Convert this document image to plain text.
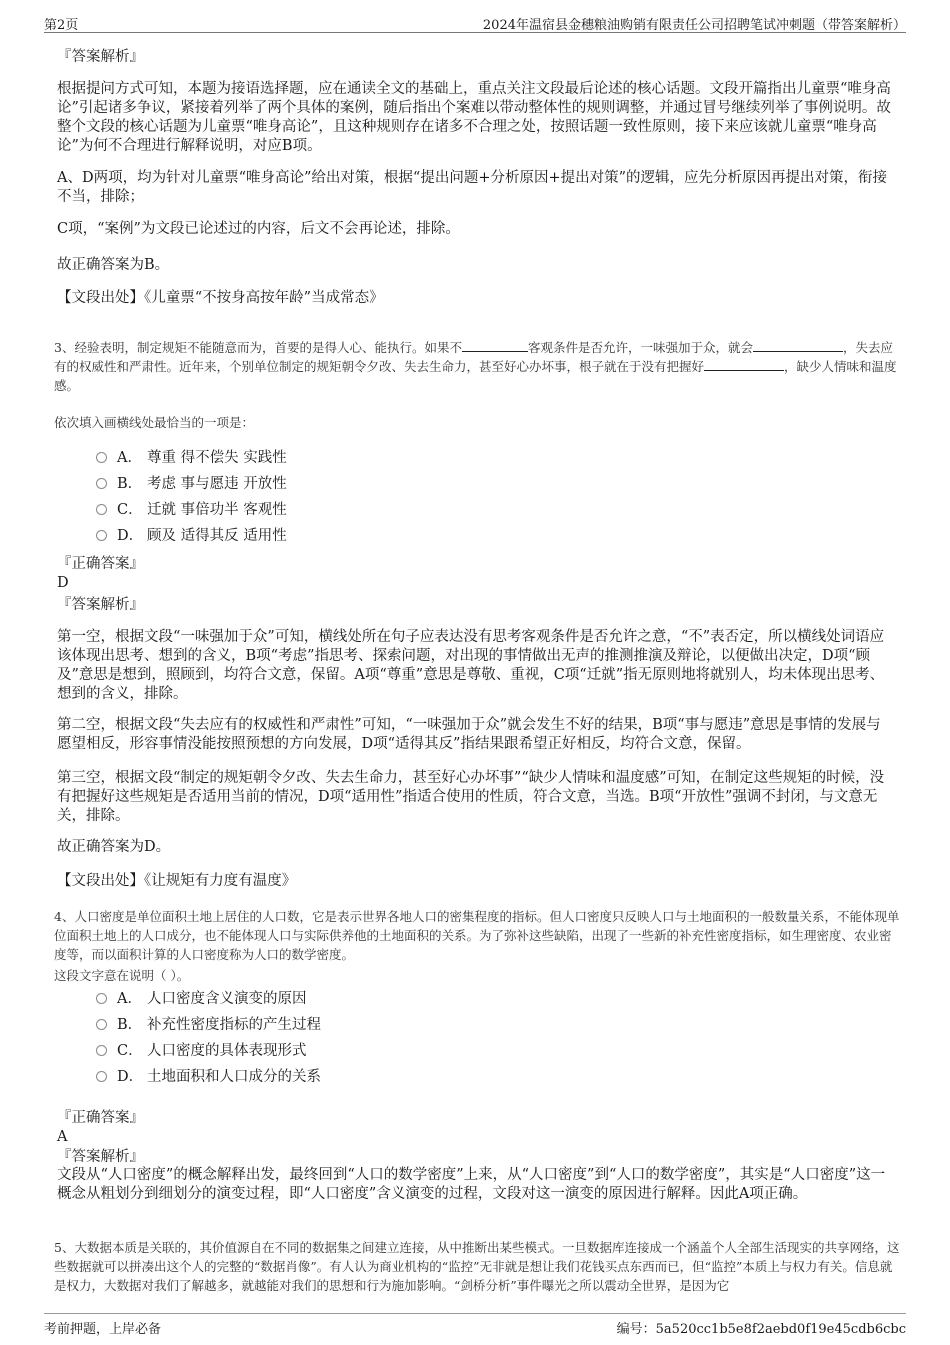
第2页	2024年温宿县金穗粮油购销有限责任公司招聘笔试冲刺题（带答案解析）
『答案解析』

根据提问方式可知，本题为接语选择题，应在通读全文的基础上，重点关注文段最后论述的核心话题。文段开篇指出儿童票“唯身高论”引起诸多争议，紧接着列举了两个具体的案例，随后指出个案难以带动整体性的规则调整，并通过冒号继续列举了事例说明。故整个文段的核心话题为儿童票“唯身高论”，且这种规则存在诸多不合理之处，按照话题一致性原则，接下来应该就儿童票“唯身高论”为何不合理进行解释说明，对应B项。

A、D两项，均为针对儿童票“唯身高论”给出对策，根据“提出问题+分析原因+提出对策”的逻辑，应先分析原因再提出对策，衔接不当，排除；

C项，“案例”为文段已论述过的内容，后文不会再论述，排除。

故正确答案为B。

【文段出处】《儿童票“不按身高按年龄”当成常态》

3、经验表明，制定规矩不能随意而为，首要的是得人心、能执行。如果不	客观条件是否允许，一味强加于众，就会	，失去应有的权威性和严肃性。近年来，个别单位制定的规矩朝令夕改、失去生命力，甚至好心办坏事，根子就在于没有把握好	，缺少人情味和温度感。

依次填入画横线处最恰当的一项是：

A． 尊重 得不偿失 实践性
B． 考虑 事与愿违 开放性
C． 迁就 事倍功半 客观性
D． 顾及 适得其反 适用性
『正确答案』
D
『答案解析』

第一空，根据文段“一味强加于众”可知，横线处所在句子应表达没有思考客观条件是否允许之意，“不”表否定，所以横线处词语应该体现出思考、想到的含义，B项“考虑”指思考、探索问题，对出现的事情做出无声的推测推演及辩论，以便做出决定，D项“顾及”意思是想到，照顾到，均符合文意，保留。A项“尊重”意思是尊敬、重视，C项“迁就”指无原则地将就别人，均未体现出思考、想到的含义，排除。

第二空，根据文段“失去应有的权威性和严肃性”可知，“一味强加于众”就会发生不好的结果，B项“事与愿违”意思是事情的发展与愿望相反，形容事情没能按照预想的方向发展，D项“适得其反”指结果跟希望正好相反，均符合文意，保留。

第三空，根据文段“制定的规矩朝令夕改、失去生命力，甚至好心办坏事”“缺少人情味和温度感”可知，在制定这些规矩的时候，没有把握好这些规矩是否适用当前的情况，D项“适用性”指适合使用的性质，符合文意，当选。B项“开放性”强调不封闭，与文意无关，排除。

故正确答案为D。

【文段出处】《让规矩有力度有温度》

4、人口密度是单位面积土地上居住的人口数，它是表示世界各地人口的密集程度的指标。但人口密度只反映人口与土地面积的一般数量关系，不能体现单位面积土地上的人口成分，也不能体现人口与实际供养他的土地面积的关系。为了弥补这些缺陷，出现了一些新的补充性密度指标，如生理密度、农业密度等，而以面积计算的人口密度称为人口的数学密度。

这段文字意在说明（ ）。

A． 人口密度含义演变的原因
B． 补充性密度指标的产生过程
C． 人口密度的具体表现形式
D． 土地面积和人口成分的关系
『正确答案』
A
『答案解析』

文段从“人口密度”的概念解释出发，最终回到“人口的数学密度”上来，从“人口密度”到“人口的数学密度”，其实是“人口密度”这一概念从粗划分到细划分的演变过程，即“人口密度”含义演变的过程，文段对这一演变的原因进行解释。因此A项正确。

5、大数据本质是关联的，其价值源自在不同的数据集之间建立连接，从中推断出某些模式。一旦数据库连接成一个涵盖个人全部生活现实的共享网络，这些数据就可以拼凑出这个人的完整的“数据肖像”。有人认为商业机构的“监控”无非就是想让我们花钱买点东西而已，但“监控”本质上与权力有关。信息就是权力，大数据对我们了解越多，就越能对我们的思想和行为施加影响。“剑桥分析”事件曝光之所以震动全世界，是因为它

考前押题，上岸必备	编号：5a520cc1b5e8f2aebd0f19e45cdb6cbc
